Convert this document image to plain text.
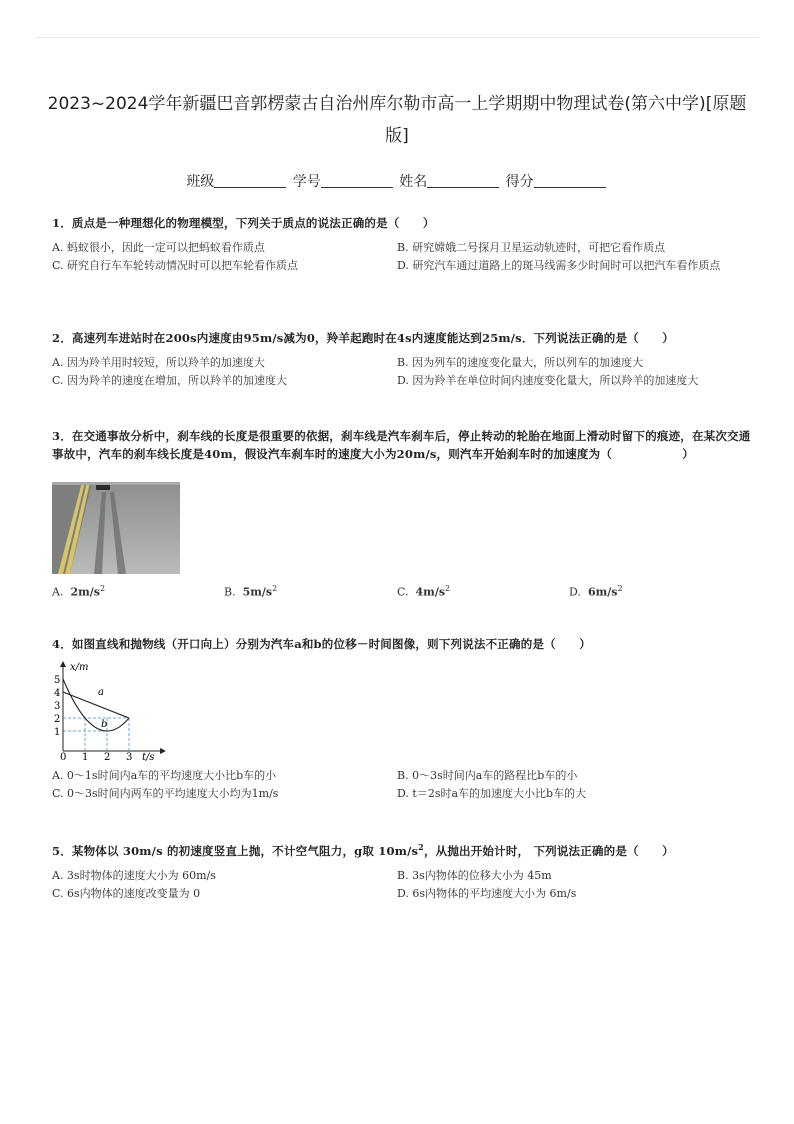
2023~2024学年新疆巴音郭楞蒙古自治州库尔勒市高一上学期期中物理试卷(第六中学)[原题版]
班级	学号	姓名	得分
1．质点是一种理想化的物理模型，下列关于质点的说法正确的是（　　）
A. 蚂蚁很小，因此一定可以把蚂蚁看作质点	B. 研究嫦娥二号探月卫星运动轨迹时，可把它看作质点
C. 研究自行车车轮转动情况时可以把车轮看作质点	D. 研究汽车通过道路上的斑马线需多少时间时可以把汽车看作质点
2．高速列车进站时在200s内速度由95m/s减为0，羚羊起跑时在4s内速度能达到25m/s．下列说法正确的是（　　）
A. 因为羚羊用时较短，所以羚羊的加速度大	B. 因为列车的速度变化量大，所以列车的加速度大
C. 因为羚羊的速度在增加，所以羚羊的加速度大	D. 因为羚羊在单位时间内速度变化量大，所以羚羊的加速度大
3．在交通事故分析中，刹车线的长度是很重要的依据，刹车线是汽车刹车后，停止转动的轮胎在地面上滑动时留下的痕迹，在某次交通事故中，汽车的刹车线长度是40m，假设汽车刹车时的速度大小为20m/s，则汽车开始刹车时的加速度为（　　　　　　）
A. $2m/s^2$	B. $5m/s^2$	C. $4m/s^2$	D. $6m/s^2$
4．如图直线和抛物线（开口向上）分别为汽车a和b的位移－时间图像，则下列说法不正确的是（　　）
x/m
t/s
5
4
3
2
1
0 1 2 3
a
b
A. 0～1s时间内a车的平均速度大小比b车的小	B. 0～3s时间内a车的路程比b车的小
C. 0～3s时间内两车的平均速度大小均为1m/s	D. t＝2s时a车的加速度大小比b车的大
5．某物体以 30m/s 的初速度竖直上抛，不计空气阻力，g取 $10m/s^2$，从抛出开始计时， 下列说法正确的是（　　）
A. 3s时物体的速度大小为 60m/s	B. 3s内物体的位移大小为 45m
C. 6s内物体的速度改变量为 0	D. 6s内物体的平均速度大小为 6m/s
